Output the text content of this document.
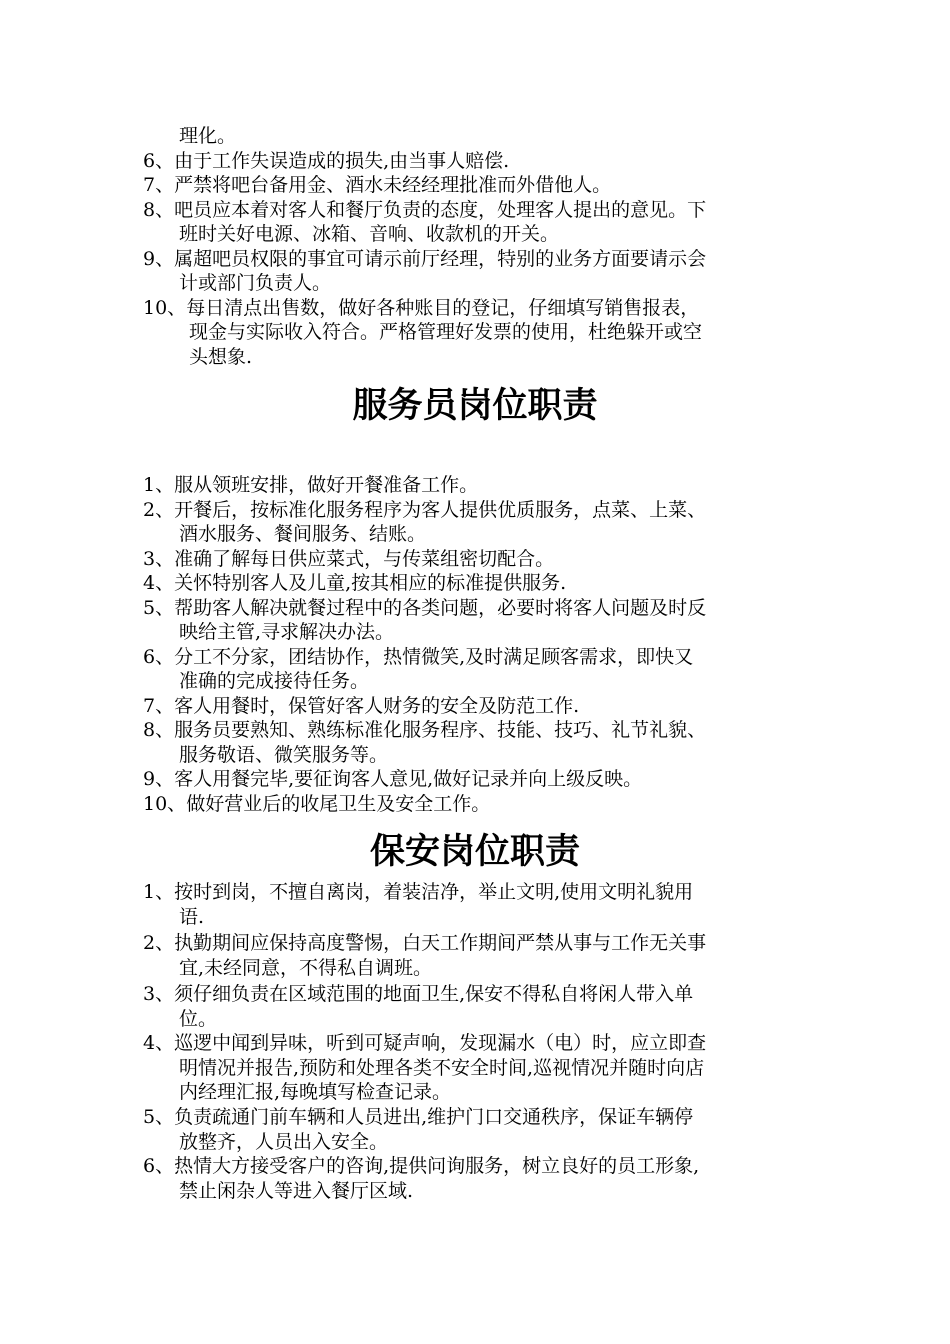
理化。
6、由于工作失误造成的损失,由当事人赔偿.
7、严禁将吧台备用金、酒水未经经理批准而外借他人。
8、吧员应本着对客人和餐厅负责的态度，处理客人提出的意见。下
班时关好电源、冰箱、音响、收款机的开关。
9、属超吧员权限的事宜可请示前厅经理，特别的业务方面要请示会
计或部门负责人。
10、每日清点出售数，做好各种账目的登记，仔细填写销售报表，
现金与实际收入符合。严格管理好发票的使用，杜绝躲开或空
头想象.
服务员岗位职责
1、服从领班安排，做好开餐准备工作。
2、开餐后，按标准化服务程序为客人提供优质服务，点菜、上菜、
酒水服务、餐间服务、结账。
3、准确了解每日供应菜式，与传菜组密切配合。
4、关怀特别客人及儿童,按其相应的标准提供服务.
5、帮助客人解决就餐过程中的各类问题，必要时将客人问题及时反
映给主管,寻求解决办法。
6、分工不分家，团结协作，热情微笑,及时满足顾客需求，即快又
准确的完成接待任务。
7、客人用餐时，保管好客人财务的安全及防范工作.
8、服务员要熟知、熟练标准化服务程序、技能、技巧、礼节礼貌、
服务敬语、微笑服务等。
9、客人用餐完毕,要征询客人意见,做好记录并向上级反映。
10、做好营业后的收尾卫生及安全工作。
保安岗位职责
1、按时到岗，不擅自离岗，着装洁净，举止文明,使用文明礼貌用
语.
2、执勤期间应保持高度警惕，白天工作期间严禁从事与工作无关事
宜,未经同意，不得私自调班。
3、须仔细负责在区域范围的地面卫生,保安不得私自将闲人带入单
位。
4、巡逻中闻到异味，听到可疑声响，发现漏水（电）时，应立即查
明情况并报告,预防和处理各类不安全时间,巡视情况并随时向店
内经理汇报,每晚填写检查记录。
5、负责疏通门前车辆和人员进出,维护门口交通秩序，保证车辆停
放整齐，人员出入安全。
6、热情大方接受客户的咨询,提供问询服务，树立良好的员工形象,
禁止闲杂人等进入餐厅区域.
